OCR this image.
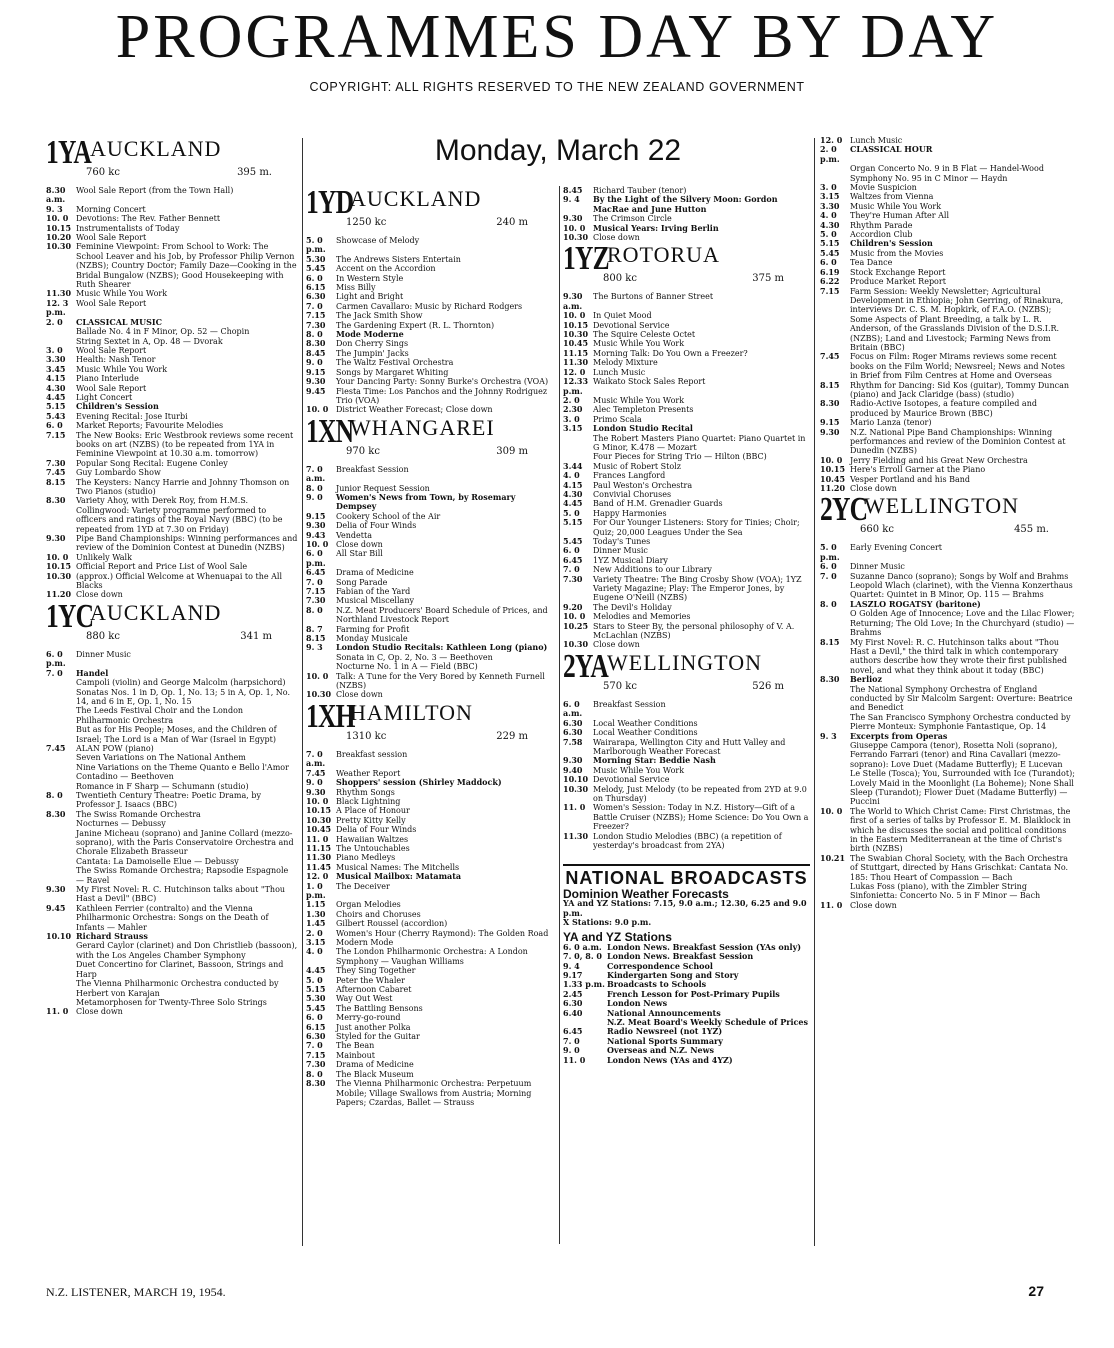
PROGRAMMES DAY BY DAY
COPYRIGHT: ALL RIGHTS RESERVED TO THE NEW ZEALAND GOVERNMENT
Monday, March 22
1YA AUCKLAND
760 kc	395 m.
8.30 a.m.
Wool Sale Report (from the Town Hall)
9. 3	Morning Concert
10. 0 Devotions: The Rev. Father Bennett
10.15 Instrumentalists of Today
10.20 Wool Sale Report
10.30 Feminine Viewpoint: From School to Work: The School Leaver and his Job, by Professor Philip Vernon (NZBS); Country Doctor; Family Daze—Cooking in the Bridal Bungalow (NZBS); Good Housekeeping with Ruth Shearer
11.30 Music While You Work
12. 3 p.m.
Wool Sale Report
2. 0	CLASSICAL MUSIC
Ballade No. 4 in F Minor, Op. 52 — Chopin
String Sextet in A, Op. 48 — Dvorak
3. 0	Wool Sale Report
3.30	Health: Nash Tenor
3.45	Music While You Work
4.15	Piano Interlude
4.30	Wool Sale Report
4.45	Light Concert
5.15	Children's Session
5.43	Evening Recital: Jose Iturbi
6. 0	Market Reports; Favourite Melodies
7.15	The New Books: Eric Westbrook reviews some recent books on art (NZBS) (to be repeated from 1YA in Feminine Viewpoint at 10.30 a.m. tomorrow)
7.30	Popular Song Recital: Eugene Conley
7.45	Guy Lombardo Show
8.15	The Keysters: Nancy Harrie and Johnny Thomson on Two Pianos (studio)
8.30	Variety Ahoy, with Derek Roy, from H.M.S. Collingwood: Variety programme performed to officers and ratings of the Royal Navy (BBC) (to be repeated from 1YD at 7.30 on Friday)
9.30	Pipe Band Championships: Winning performances and review of the Dominion Contest at Dunedin (NZBS)
10. 0 Unlikely Walk
10.15 Official Report and Price List of Wool Sale
10.30 (approx.) Official Welcome at Whenuapai to the All Blacks
11.20 Close down
1YC
AUCKLAND
880 kc	341 m
6. 0 p.m.
Dinner Music
7. 0	Handel
Campoli (violin) and George Malcolm (harpsichord)
Sonatas Nos. 1 in D, Op. 1, No. 13; 5 in A, Op. 1, No. 14, and 6 in E, Op. 1, No. 15
The Leeds Festival Choir and the London Philharmonic Orchestra
But as for His People; Moses, and the Children of Israel; The Lord is a Man of War (Israel in Egypt)
7.45	ALAN POW (piano)
Seven Variations on The National Anthem
Nine Variations on the Theme Quanto e Bello l'Amor Contadino — Beethoven
Romance in F Sharp — Schumann (studio)
8. 0	Twentieth Century Theatre: Poetic Drama, by Professor J. Isaacs (BBC)
8.30	The Swiss Romande Orchestra
Nocturnes — Debussy
Janine Micheau (soprano) and Janine Collard (mezzo-soprano), with the Paris Conservatoire Orchestra and Chorale Elizabeth Brasseur
Cantata: La Damoiselle Elue — Debussy
The Swiss Romande Orchestra; Rapsodie Espagnole — Ravel
9.30	My First Novel: R. C. Hutchinson talks about "Thou Hast a Devil" (BBC)
9.45	Kathleen Ferrier (contralto) and the Vienna Philharmonic Orchestra: Songs on the Death of Infants — Mahler
10.10 Richard Strauss
Gerard Caylor (clarinet) and Don Christlieb (bassoon), with the Los Angeles Chamber Symphony
Duet Concertino for Clarinet, Bassoon, Strings and Harp
The Vienna Philharmonic Orchestra conducted by Herbert von Karajan
Metamorphosen for Twenty-Three Solo Strings
11. 0 Close down
1YD
AUCKLAND
1250 kc	240 m
5. 0 p.m.
Showcase of Melody
5.30	The Andrews Sisters Entertain
5.45	Accent on the Accordion
6. 0	In Western Style
6.15	Miss Billy
6.30	Light and Bright
7. 0	Carmen Cavallaro: Music by Richard Rodgers
7.15	The Jack Smith Show
7.30	The Gardening Expert (R. L. Thornton)
8. 0	Mode Moderne
8.30	Don Cherry Sings
8.45	The Jumpin' Jacks
9. 0	The Waltz Festival Orchestra
9.15	Songs by Margaret Whiting
9.30	Your Dancing Party: Sonny Burke's Orchestra (VOA)
9.45	Fiesta Time: Los Panchos and the Johnny Rodriguez Trio (VOA)
10. 0 District Weather Forecast; Close down
1XN
WHANGAREI
970 kc	309 m
7. 0 a.m.
Breakfast Session
8. 0	Junior Request Session
9. 0	Women's News from Town, by Rosemary Dempsey
9.15	Cookery School of the Air
9.30	Delia of Four Winds
9.43	Vendetta
10. 0 Close down
6. 0 p.m.
All Star Bill
6.45	Drama of Medicine
7. 0	Song Parade
7.15	Fabian of the Yard
7.30	Musical Miscellany
8. 0	N.Z. Meat Producers' Board Schedule of Prices, and Northland Livestock Report
8. 7	Farming for Profit
8.15	Monday Musicale
9. 3	London Studio Recitals: Kathleen Long (piano)
Sonata in C, Op. 2, No. 3 — Beethoven
Nocturne No. 1 in A — Field (BBC)
10. 0 Talk: A Tune for the Very Bored by Kenneth Furnell (NZBS)
10.30 Close down
1XH
HAMILTON
1310 kc	229 m
7. 0 a.m.
Breakfast session
7.45	Weather Report
9. 0	Shoppers' session (Shirley Maddock)
9.30	Rhythm Songs
10. 0 Black Lightning
10.15 A Place of Honour
10.30 Pretty Kitty Kelly
10.45 Delia of Four Winds
11. 0 Hawaiian Waltzes
11.15 The Untouchables
11.30 Piano Medleys
11.45 Musical Names: The Mitchells
12. 0 Musical Mailbox: Matamata
1. 0 p.m.
The Deceiver
1.15	Organ Melodies
1.30	Choirs and Choruses
1.45	Gilbert Roussel (accordion)
2. 0	Women's Hour (Cherry Raymond): The Golden Road
3.15	Modern Mode
4. 0	The London Philharmonic Orchestra: A London Symphony — Vaughan Williams
4.45	They Sing Together
5. 0	Peter the Whaler
5.15	Afternoon Cabaret
5.30	Way Out West
5.45	The Battling Bensons
6. 0	Merry-go-round
6.15	Just another Polka
6.30	Styled for the Guitar
7. 0	The Bean
7.15	Mainbout
7.30	Drama of Medicine
8. 0	The Black Museum
8.30	The Vienna Philharmonic Orchestra: Perpetuum Mobile; Village Swallows from Austria; Morning Papers; Czardas, Ballet — Strauss
8.45	Richard Tauber (tenor)
9. 4	By the Light of the Silvery Moon: Gordon MacRae and June Hutton
9.30	The Crimson Circle
10. 0 Musical Years: Irving Berlin
10.30 Close down
1YZ
ROTORUA
800 kc	375 m
9.30 a.m.
The Burtons of Banner Street
10. 0 In Quiet Mood
10.15 Devotional Service
10.30 The Squire Celeste Octet
10.45 Music While You Work
11.15 Morning Talk: Do You Own a Freezer?
11.30 Melody Mixture
12. 0 Lunch Music
12.33 p.m.
Waikato Stock Sales Report
2. 0	Music While You Work
2.30	Alec Templeton Presents
3. 0	Primo Scala
3.15	London Studio Recital
The Robert Masters Piano Quartet: Piano Quartet in G Minor, K.478 — Mozart
Four Pieces for String Trio — Hilton (BBC)
3.44	Music of Robert Stolz
4. 0	Frances Langford
4.15	Paul Weston's Orchestra
4.30	Convivial Choruses
4.45	Band of H.M. Grenadier Guards
5. 0	Happy Harmonies
5.15	For Our Younger Listeners: Story for Tinies; Choir; Quiz; 20,000 Leagues Under the Sea
5.45	Today's Tunes
6. 0	Dinner Music
6.45	1YZ Musical Diary
7. 0	New Additions to our Library
7.30	Variety Theatre: The Bing Crosby Show (VOA); 1YZ Variety Magazine; Play: The Emperor Jones, by Eugene O'Neill (NZBS)
9.20	The Devil's Holiday
10. 0 Melodies and Memories
10.25 Stars to Steer By, the personal philosophy of V. A. McLachlan (NZBS)
10.30 Close down
2YA WELLINGTON
570 kc	526 m
6. 0 a.m.
Breakfast Session
6.30	Local Weather Conditions
6.30	Local Weather Conditions
7.58	Wairarapa, Wellington City and Hutt Valley and Marlborough Weather Forecast
9.30	Morning Star: Beddie Nash
9.40	Music While You Work
10.10 Devotional Service
10.30 Melody, Just Melody (to be repeated from 2YD at 9.0 on Thursday)
11. 0 Women's Session: Today in N.Z. History—Gift of a Battle Cruiser (NZBS); Home Science: Do You Own a Freezer?
11.30 London Studio Melodies (BBC) (a repetition of yesterday's broadcast from 2YA)
NATIONAL BROADCASTS
Dominion Weather Forecasts
YA and YZ Stations: 7.15, 9.0 a.m.; 12.30, 6.25 and 9.0 p.m.
X Stations: 9.0 p.m.
YA and YZ Stations
6. 0 a.m. London News. Breakfast Session (YAs only)
7. 0, 8. 0 London News. Breakfast Session
9. 4	Correspondence School
9.17	Kindergarten Song and Story
1.33 p.m. Broadcasts to Schools
2.45	French Lesson for Post-Primary Pupils
6.30	London News
6.40	National Announcements
N.Z. Meat Board's Weekly Schedule of Prices
6.45	Radio Newsreel (not 1YZ)
7. 0	National Sports Summary
9. 0	Overseas and N.Z. News
11. 0	London News (YAs and 4YZ)
12. 0 Lunch Music
2. 0 p.m.
CLASSICAL HOUR
Organ Concerto No. 9 in B Flat — Handel-Wood
Symphony No. 95 in C Minor — Haydn
3. 0	Movie Suspicion
3.15	Waltzes from Vienna
3.30	Music While You Work
4. 0	They're Human After All
4.30	Rhythm Parade
5. 0	Accordion Club
5.15	Children's Session
5.45	Music from the Movies
6. 0	Tea Dance
6.19	Stock Exchange Report
6.22	Produce Market Report
7.15	Farm Session: Weekly Newsletter; Agricultural Development in Ethiopia; John Gerring, of Rinakura, interviews Dr. C. S. M. Hopkirk, of F.A.O. (NZBS); Some Aspects of Plant Breeding, a talk by L. R. Anderson, of the Grasslands Division of the D.S.I.R. (NZBS); Land and Livestock; Farming News from Britain (BBC)
7.45	Focus on Film: Roger Mirams reviews some recent books on the Film World; Newsreel; News and Notes in Brief from Film Centres at Home and Overseas
8.15	Rhythm for Dancing: Sid Kos (guitar), Tommy Duncan (piano) and Jack Claridge (bass) (studio)
8.30	Radio-Active Isotopes, a feature compiled and produced by Maurice Brown (BBC)
9.15	Mario Lanza (tenor)
9.30	N.Z. National Pipe Band Championships: Winning performances and review of the Dominion Contest at Dunedin (NZBS)
10. 0 Jerry Fielding and his Great New Orchestra
10.15 Here's Erroll Garner at the Piano
10.45 Vesper Portland and his Band
11.20 Close down
2YC
WELLINGTON
660 kc	455 m.
5. 0 p.m.
Early Evening Concert
6. 0	Dinner Music
7. 0	Suzanne Danco (soprano); Songs by Wolf and Brahms
Leopold Wlach (clarinet), with the Vienna Konzerthaus Quartet: Quintet in B Minor, Op. 115 — Brahms
8. 0	LASZLO ROGATSY (baritone)
O Golden Age of Innocence; Love and the Lilac Flower; Returning; The Old Love; In the Churchyard (studio) — Brahms
8.15	My First Novel: R. C. Hutchinson talks about "Thou Hast a Devil," the third talk in which contemporary authors describe how they wrote their first published novel, and what they think about it today (BBC)
8.30	Berlioz
The National Symphony Orchestra of England conducted by Sir Malcolm Sargent: Overture: Beatrice and Benedict
The San Francisco Symphony Orchestra conducted by Pierre Monteux: Symphonie Fantastique, Op. 14
9. 3	Excerpts from Operas
Giuseppe Campora (tenor), Rosetta Noli (soprano), Ferrando Farrari (tenor) and Rina Cavallari (mezzo-soprano): Love Duet (Madame Butterfly); E Lucevan Le Stelle (Tosca); You, Surrounded with Ice (Turandot); Lovely Maid in the Moonlight (La Boheme); None Shall Sleep (Turandot); Flower Duet (Madame Butterfly) — Puccini
10. 0 The World to Which Christ Came: First Christmas, the first of a series of talks by Professor E. M. Blaiklock in which he discusses the social and political conditions in the Eastern Mediterranean at the time of Christ's birth (NZBS)
10.21 The Swabian Choral Society, with the Bach Orchestra of Stuttgart, directed by Hans Grischkat: Cantata No. 185: Thou Heart of Compassion — Bach
Lukas Foss (piano), with the Zimbler String Sinfonietta: Concerto No. 5 in F Minor — Bach
11. 0 Close down
N.Z. LISTENER, MARCH 19, 1954.	27
